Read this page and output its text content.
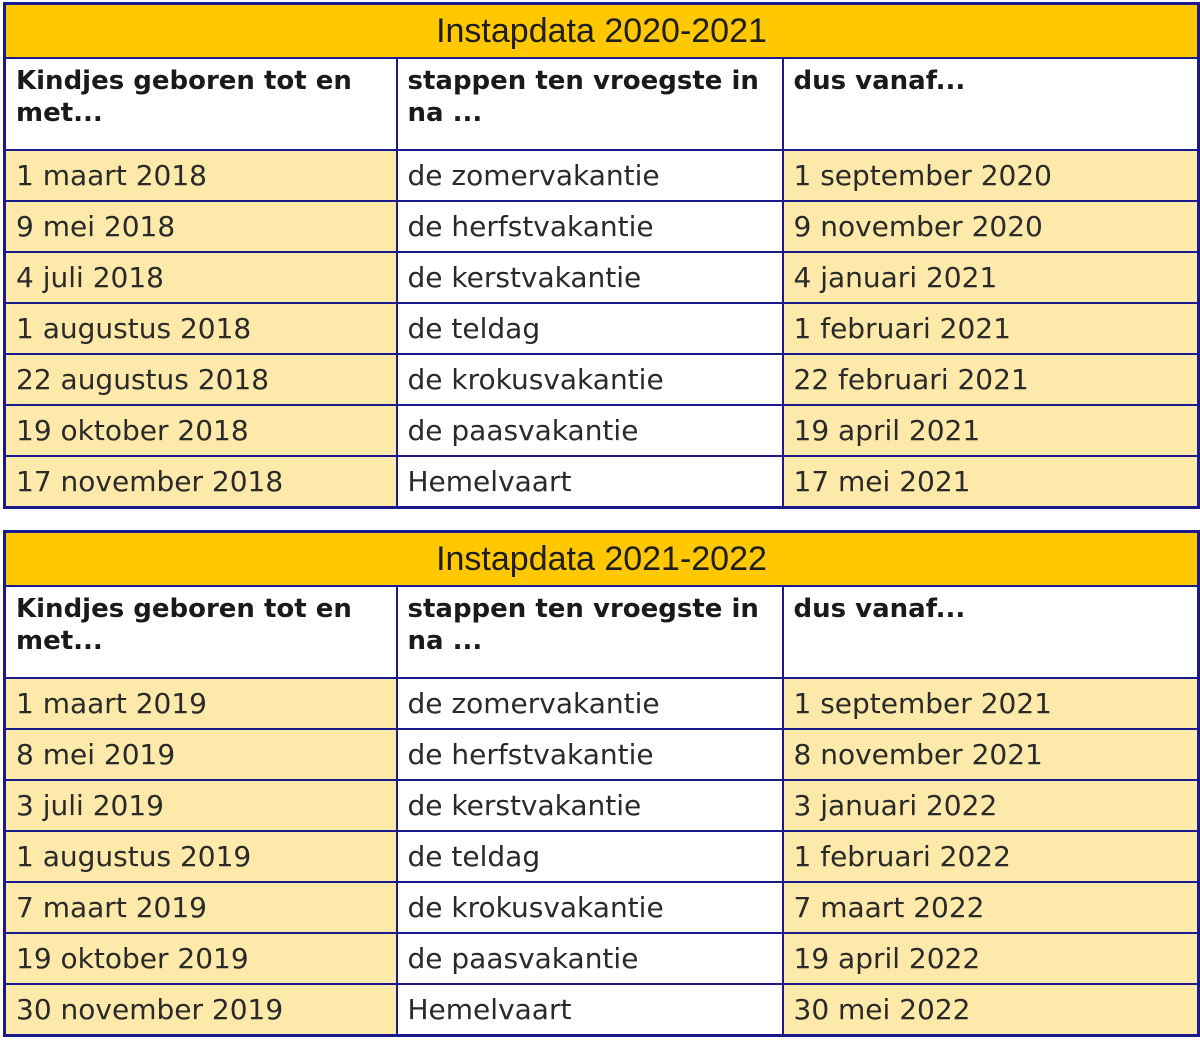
Instapdata 2020-2021		
Kindjes geboren tot en met...	stappen ten vroegste in na ...	dus vanaf...
1 maart 2018	de zomervakantie	1 september 2020
9 mei 2018	de herfstvakantie	9 november 2020
4 juli 2018	de kerstvakantie	4 januari 2021
1 augustus 2018	de teldag	1 februari 2021
22 augustus 2018	de krokusvakantie	22 februari 2021
19 oktober 2018	de paasvakantie	19 april 2021
17 november 2018	Hemelvaart	17 mei 2021
Instapdata 2021-2022		
Kindjes geboren tot en met...	stappen ten vroegste in na ...	dus vanaf...
1 maart 2019	de zomervakantie	1 september 2021
8 mei 2019	de herfstvakantie	8 november 2021
3 juli 2019	de kerstvakantie	3 januari 2022
1 augustus 2019	de teldag	1 februari 2022
7 maart 2019	de krokusvakantie	7 maart 2022
19 oktober 2019	de paasvakantie	19 april 2022
30 november 2019	Hemelvaart	30 mei 2022
